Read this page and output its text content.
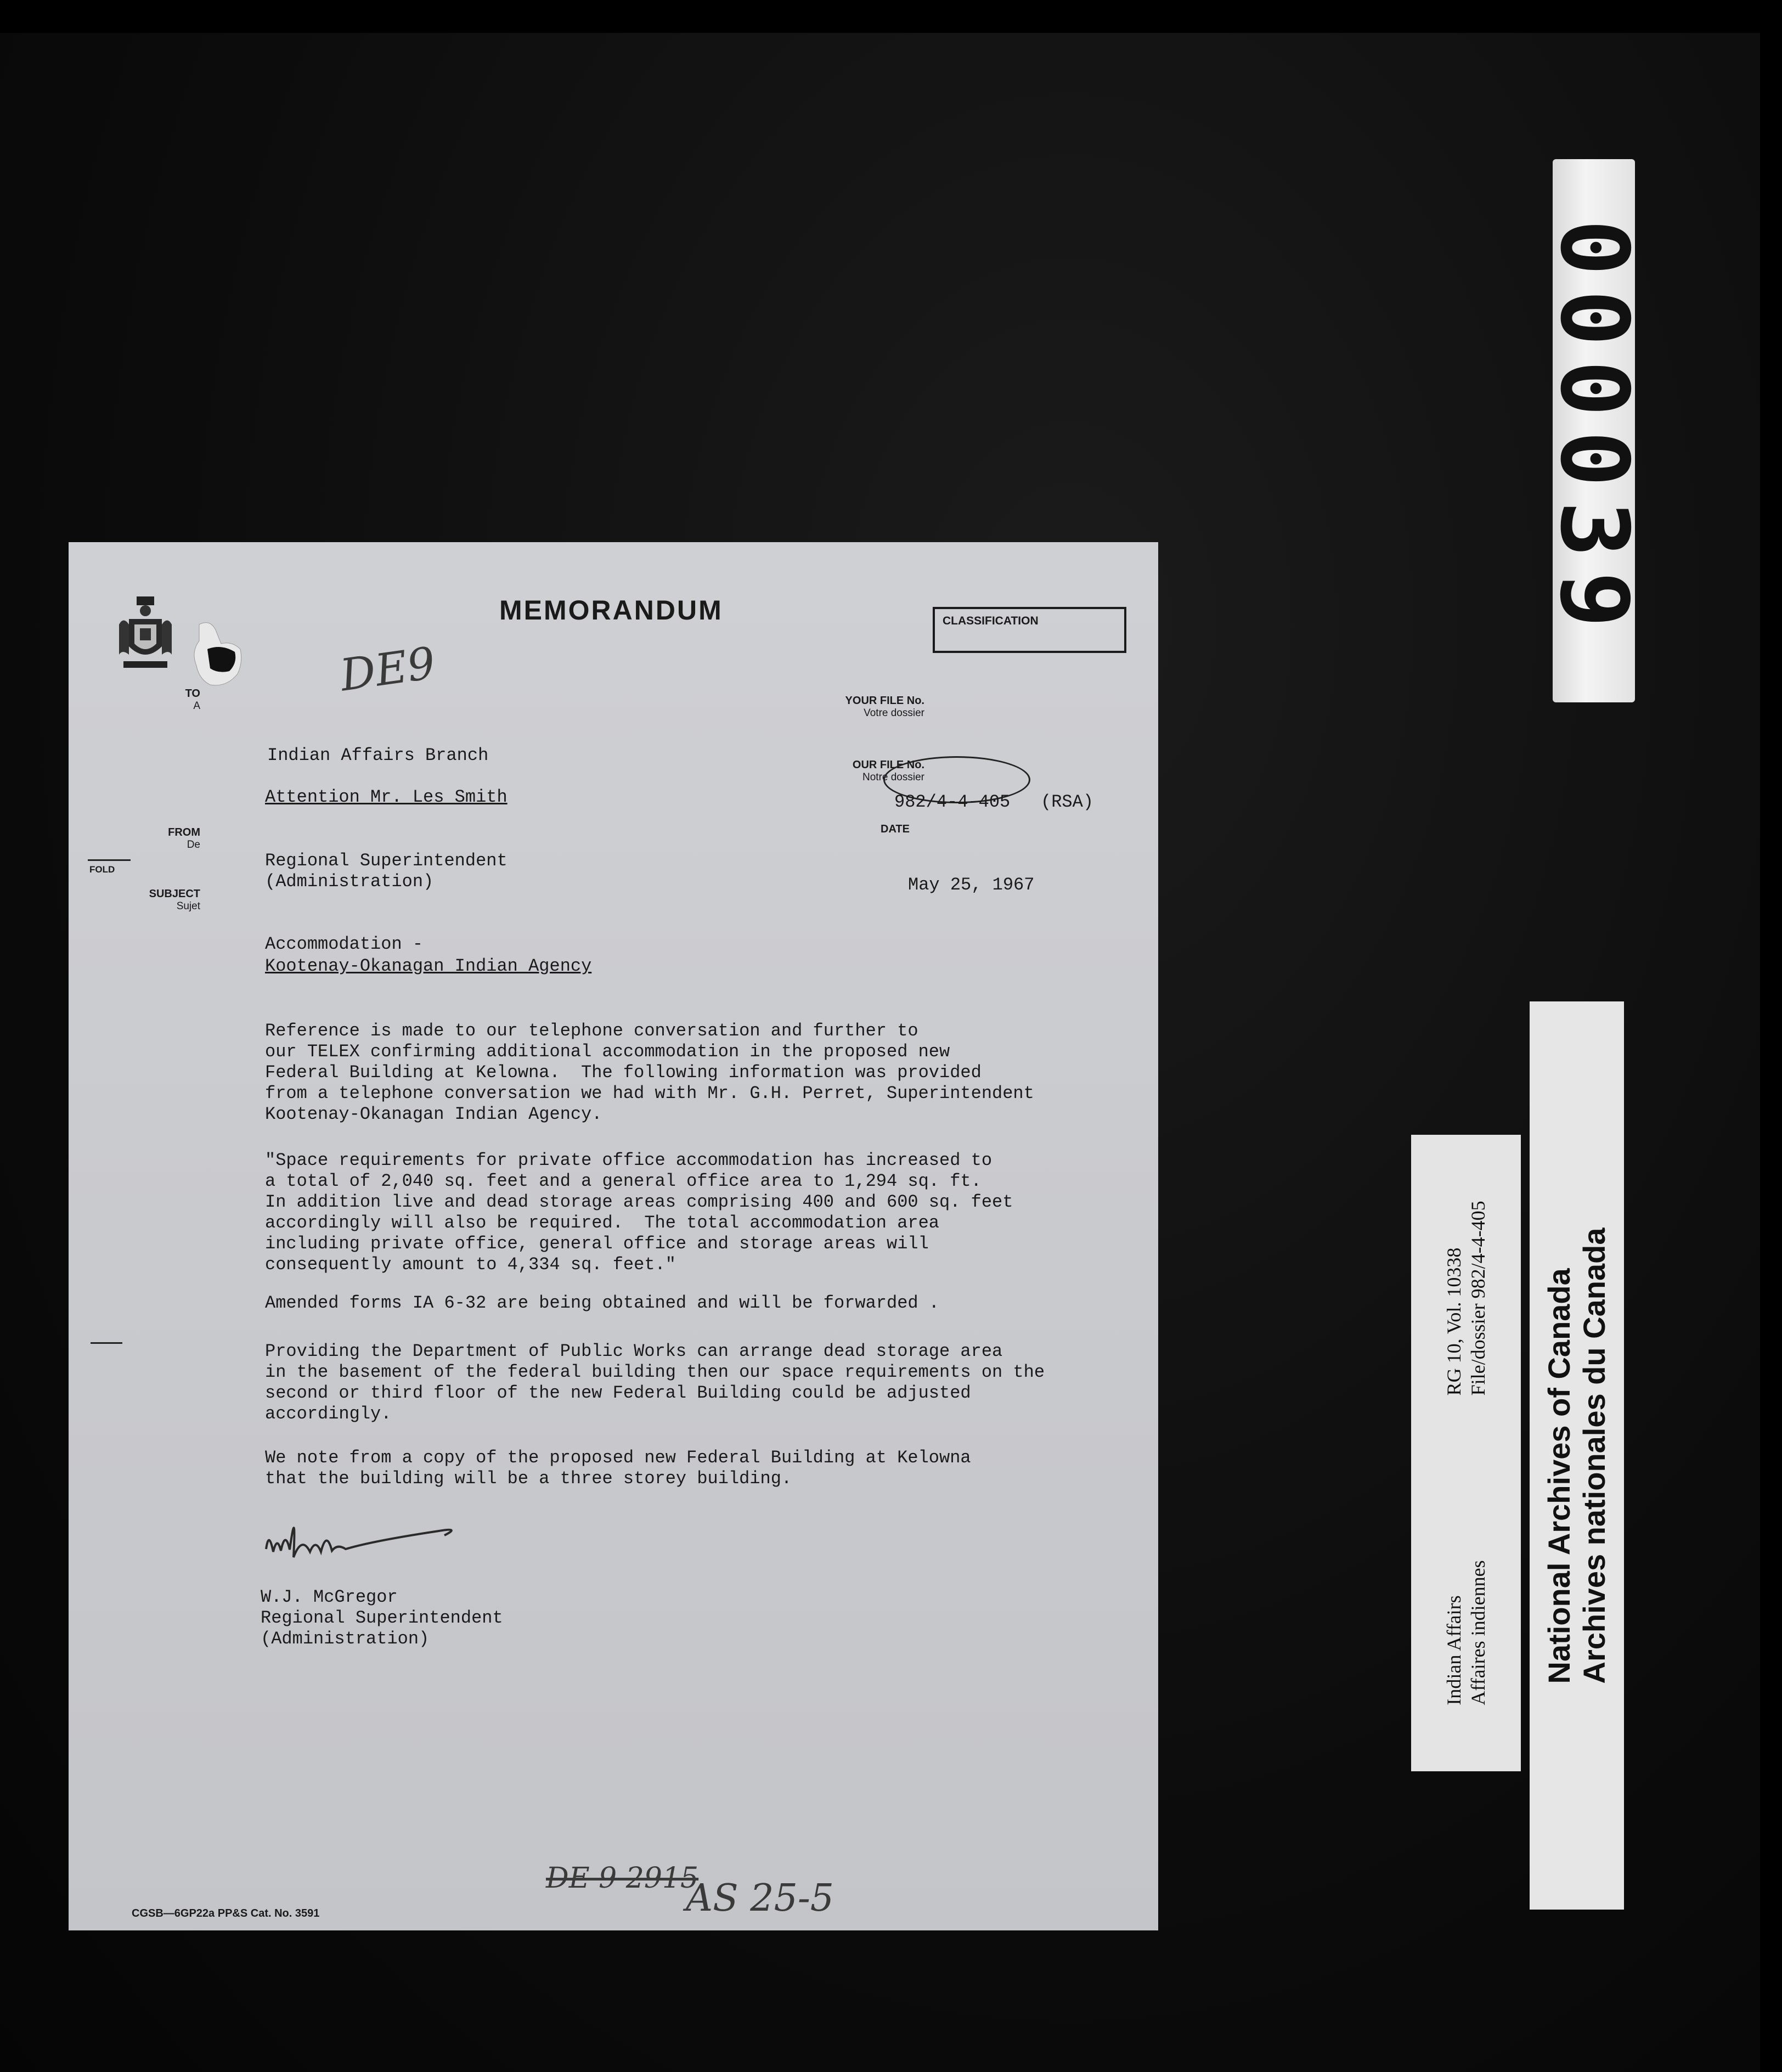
000039
National Archives of Canada Archives nationales du Canada
Indian Affairs Affaires indiennes
RG 10, Vol. 10338 File/dossier 982/4-4-405
MEMORANDUM	CLASSIFICATION
DE9
TO
A
Indian Affairs Branch
Attention Mr. Les Smith
YOUR FILE No.
Votre dossier
OUR FILE No.
Notre dossier
982/4-4-405 (RSA)
DATE
May 25, 1967
FROM
De
FOLD	Regional Superintendent
(Administration)
SUBJECT
Sujet
Accommodation -
Kootenay-Okanagan Indian Agency
Reference is made to our telephone conversation and further to
our TELEX confirming additional accommodation in the proposed new
Federal Building at Kelowna.  The following information was provided
from a telephone conversation we had with Mr. G.H. Perret, Superintendent
Kootenay-Okanagan Indian Agency.
"Space requirements for private office accommodation has increased to
a total of 2,040 sq. feet and a general office area to 1,294 sq. ft.
In addition live and dead storage areas comprising 400 and 600 sq. feet
accordingly will also be required.  The total accommodation area
including private office, general office and storage areas will
consequently amount to 4,334 sq. feet."
Amended forms IA 6-32 are being obtained and will be forwarded .
Providing the Department of Public Works can arrange dead storage area
in the basement of the federal building then our space requirements on the
second or third floor of the new Federal Building could be adjusted
accordingly.
We note from a copy of the proposed new Federal Building at Kelowna
that the building will be a three storey building.
W.J. McGregor
Regional Superintendent
(Administration)
DE 9 2915
AS 25-5
CGSB—6GP22a PP&S Cat. No. 3591
